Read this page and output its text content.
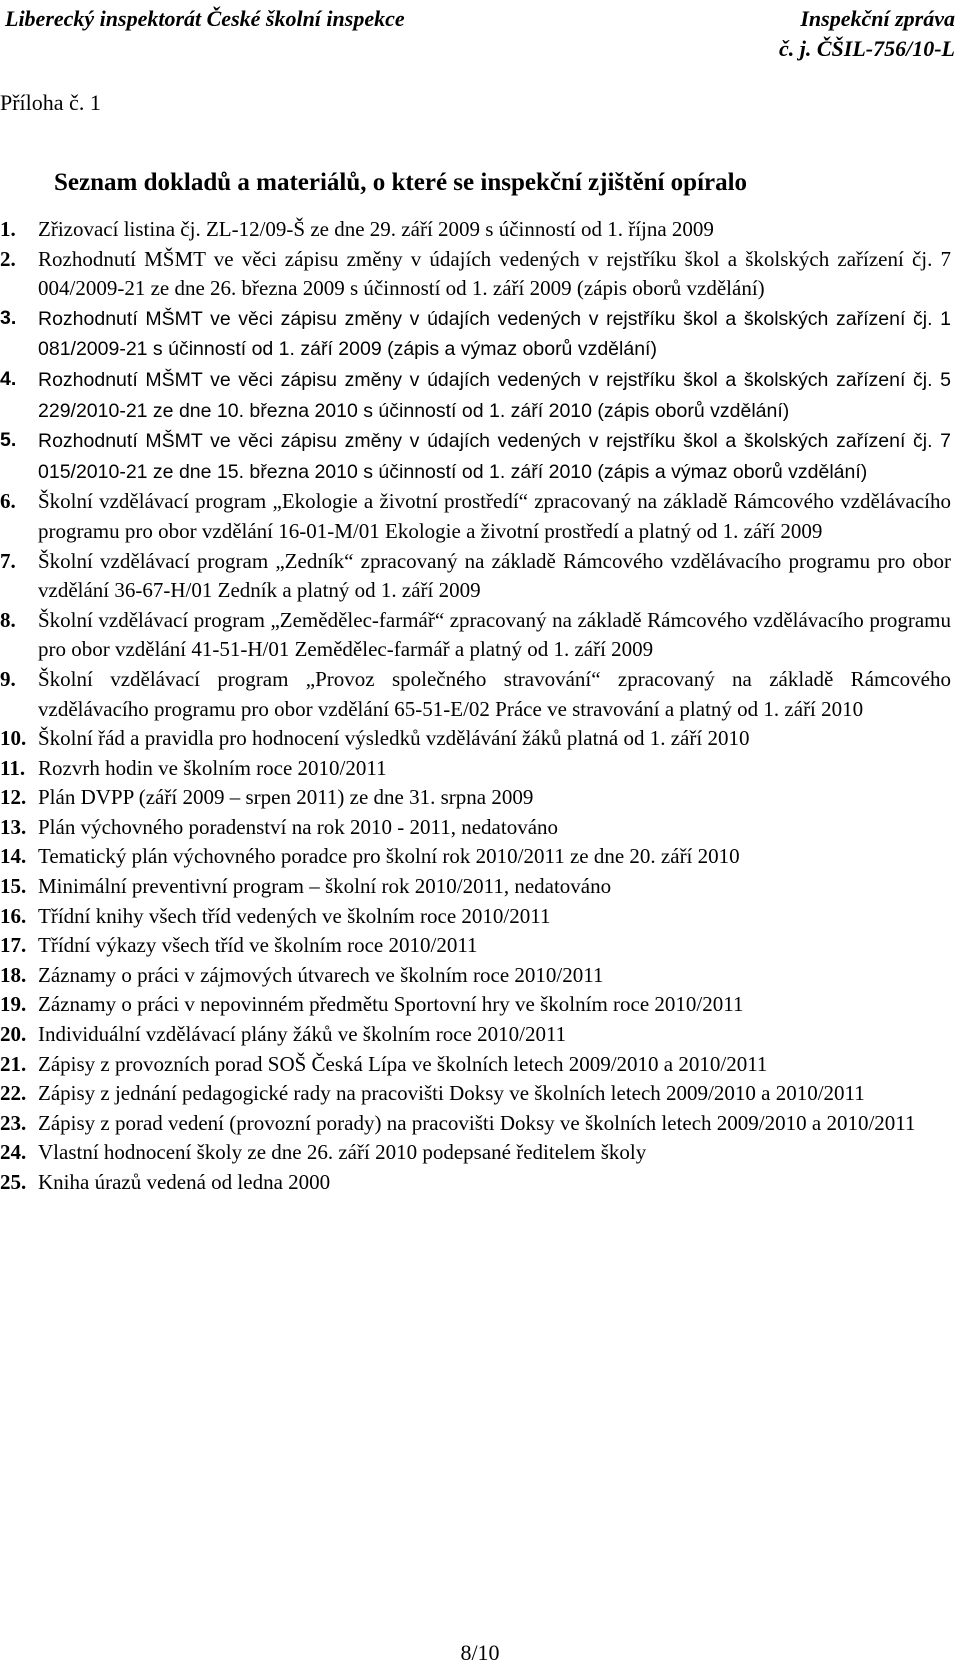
Liberecký inspektorát České školní inspekce	Inspekční zpráva
č. j. ČŠIL-756/10-L
Příloha č. 1
Seznam dokladů a materiálů, o které se inspekční zjištění opíralo
1. Zřizovací listina čj. ZL-12/09-Š ze dne 29. září 2009 s účinností od 1. října 2009
2. Rozhodnutí MŠMT ve věci zápisu změny v údajích vedených v rejstříku škol a školských zařízení čj. 7 004/2009-21 ze dne 26. března 2009 s účinností od 1. září 2009 (zápis oborů vzdělání)
3. Rozhodnutí MŠMT ve věci zápisu změny v údajích vedených v rejstříku škol a školských zařízení čj. 1 081/2009-21 s účinností od 1. září 2009 (zápis a výmaz oborů vzdělání)
4. Rozhodnutí MŠMT ve věci zápisu změny v údajích vedených v rejstříku škol a školských zařízení čj. 5 229/2010-21 ze dne 10. března 2010 s účinností od 1. září 2010 (zápis oborů vzdělání)
5. Rozhodnutí MŠMT ve věci zápisu změny v údajích vedených v rejstříku škol a školských zařízení čj. 7 015/2010-21 ze dne 15. března 2010 s účinností od 1. září 2010 (zápis a výmaz oborů vzdělání)
6. Školní vzdělávací program „Ekologie a životní prostředí“ zpracovaný na základě Rámcového vzdělávacího programu pro obor vzdělání 16-01-M/01 Ekologie a životní prostředí a platný od 1. září 2009
7. Školní vzdělávací program „Zedník“ zpracovaný na základě Rámcového vzdělávacího programu pro obor vzdělání 36-67-H/01 Zedník a platný od 1. září 2009
8. Školní vzdělávací program „Zemědělec-farmář“ zpracovaný na základě Rámcového vzdělávacího programu pro obor vzdělání 41-51-H/01 Zemědělec-farmář a platný od 1. září 2009
9. Školní vzdělávací program „Provoz společného stravování“ zpracovaný na základě Rámcového vzdělávacího programu pro obor vzdělání 65-51-E/02 Práce ve stravování a platný od 1. září 2010
10. Školní řád a pravidla pro hodnocení výsledků vzdělávání žáků platná od 1. září 2010
11. Rozvrh hodin ve školním roce 2010/2011
12. Plán DVPP (září 2009 – srpen 2011) ze dne 31. srpna 2009
13. Plán výchovného poradenství na rok 2010 - 2011, nedatováno
14. Tematický plán výchovného poradce pro školní rok 2010/2011 ze dne 20. září 2010
15. Minimální preventivní program – školní rok 2010/2011, nedatováno
16. Třídní knihy všech tříd vedených ve školním roce 2010/2011
17. Třídní výkazy všech tříd ve školním roce 2010/2011
18. Záznamy o práci v zájmových útvarech ve školním roce 2010/2011
19. Záznamy o práci v nepovinném předmětu Sportovní hry ve školním roce 2010/2011
20. Individuální vzdělávací plány žáků ve školním roce 2010/2011
21. Zápisy z provozních porad SOŠ Česká Lípa ve školních letech 2009/2010 a 2010/2011
22. Zápisy z jednání pedagogické rady na pracovišti Doksy ve školních letech 2009/2010 a 2010/2011
23. Zápisy z porad vedení (provozní porady) na pracovišti Doksy ve školních letech 2009/2010 a 2010/2011
24. Vlastní hodnocení školy ze dne 26. září 2010 podepsané ředitelem školy
25. Kniha úrazů vedená od ledna 2000
8/10
